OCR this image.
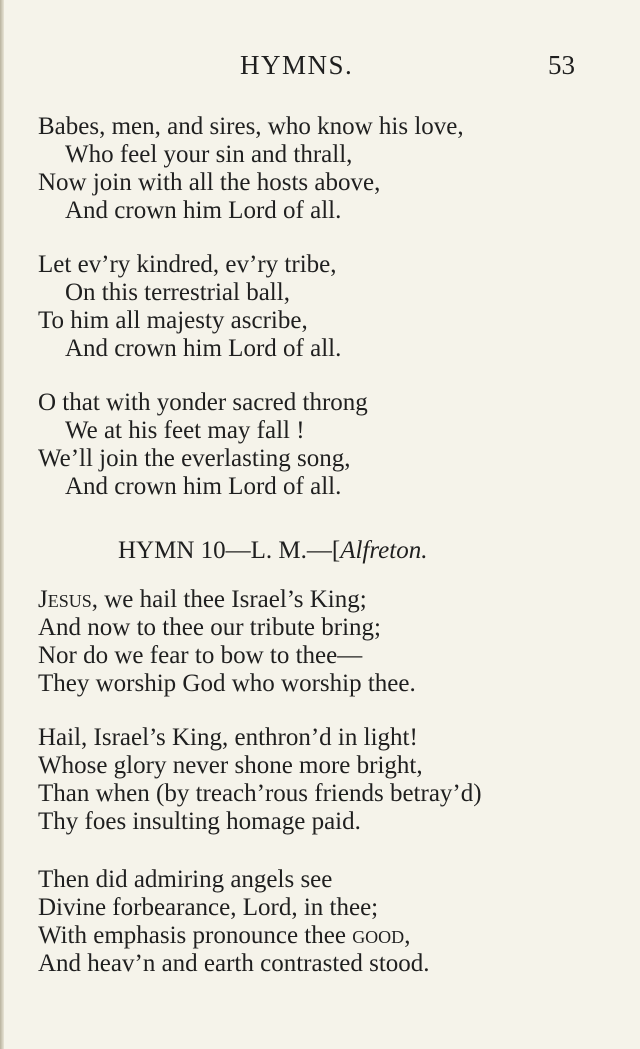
HYMNS.	53
Babes, men, and sires, who know his love,
Who feel your sin and thrall,
Now join with all the hosts above,
And crown him Lord of all.
Let ev’ry kindred, ev’ry tribe,
On this terrestrial ball,
To him all majesty ascribe,
And crown him Lord of all.
O that with yonder sacred throng
We at his feet may fall !
We’ll join the everlasting song,
And crown him Lord of all.
HYMN 10—L. M.—[Alfreton.
Jesus, we hail thee Israel’s King;
And now to thee our tribute bring;
Nor do we fear to bow to thee—
They worship God who worship thee.
Hail, Israel’s King, enthron’d in light!
Whose glory never shone more bright,
Than when (by treach’rous friends betray’d)
Thy foes insulting homage paid.
Then did admiring angels see
Divine forbearance, Lord, in thee;
With emphasis pronounce thee good,
And heav’n and earth contrasted stood.
